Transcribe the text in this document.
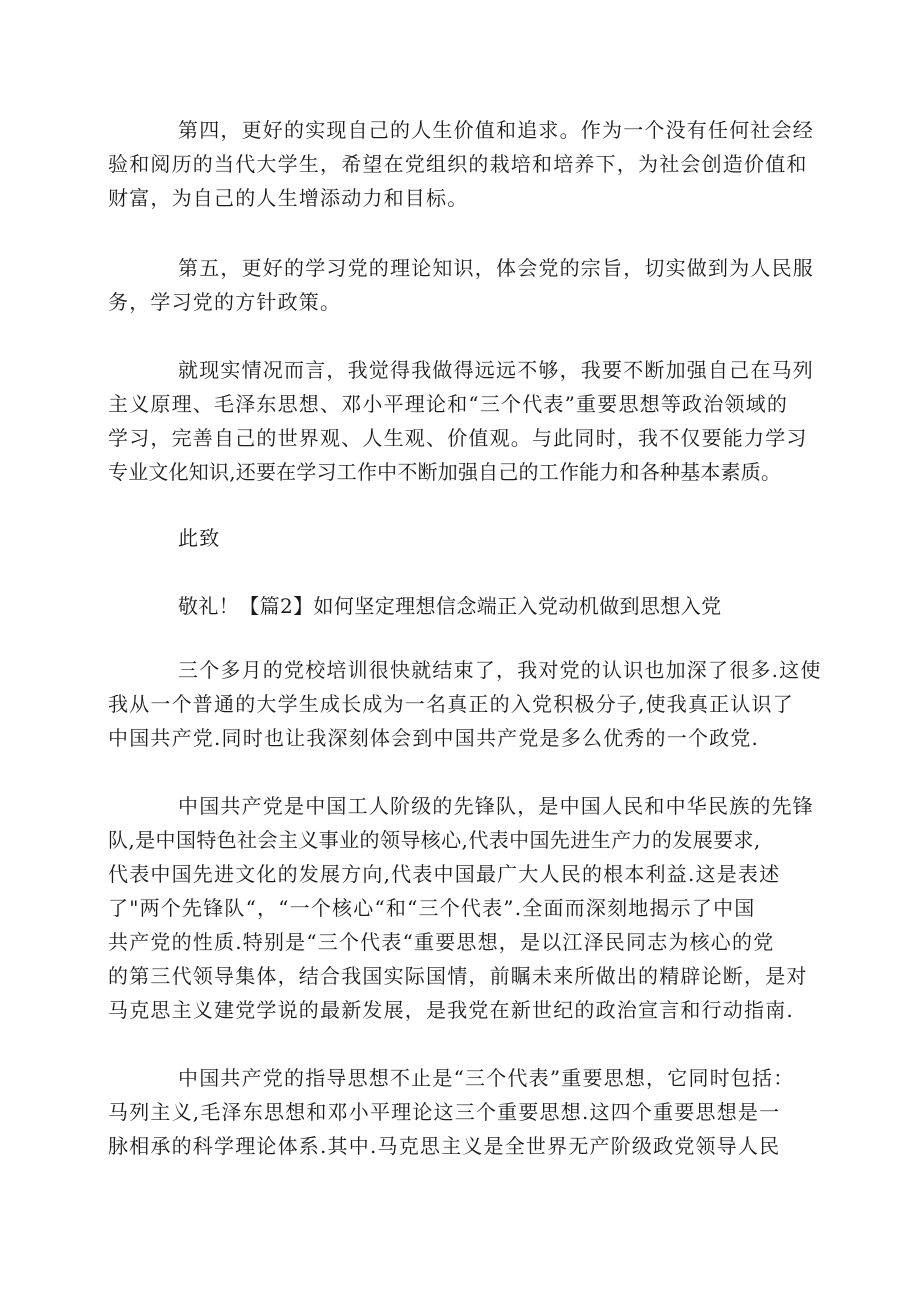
第四，更好的实现自己的人生价值和追求。作为一个没有任何社会经
验和阅历的当代大学生，希望在党组织的栽培和培养下，为社会创造价值和
财富，为自己的人生增添动力和目标。
第五，更好的学习党的理论知识，体会党的宗旨，切实做到为人民服
务，学习党的方针政策。
就现实情况而言，我觉得我做得远远不够，我要不断加强自己在马列
主义原理、毛泽东思想、邓小平理论和“三个代表”重要思想等政治领域的
学习，完善自己的世界观、人生观、价值观。与此同时，我不仅要能力学习
专业文化知识,还要在学习工作中不断加强自己的工作能力和各种基本素质。
此致
敬礼！【篇2】如何坚定理想信念端正入党动机做到思想入党
三个多月的党校培训很快就结束了，我对党的认识也加深了很多.这使
我从一个普通的大学生成长成为一名真正的入党积极分子,使我真正认识了
中国共产党.同时也让我深刻体会到中国共产党是多么优秀的一个政党.
中国共产党是中国工人阶级的先锋队，是中国人民和中华民族的先锋
队,是中国特色社会主义事业的领导核心,代表中国先进生产力的发展要求,
代表中国先进文化的发展方向,代表中国最广大人民的根本利益.这是表述
了"两个先锋队“，“一个核心“和“三个代表”.全面而深刻地揭示了中国
共产党的性质.特别是“三个代表“重要思想，是以江泽民同志为核心的党
的第三代领导集体，结合我国实际国情，前瞩未来所做出的精辟论断，是对
马克思主义建党学说的最新发展，是我党在新世纪的政治宣言和行动指南.
中国共产党的指导思想不止是“三个代表”重要思想，它同时包括：
马列主义,毛泽东思想和邓小平理论这三个重要思想.这四个重要思想是一
脉相承的科学理论体系.其中.马克思主义是全世界无产阶级政党领导人民
